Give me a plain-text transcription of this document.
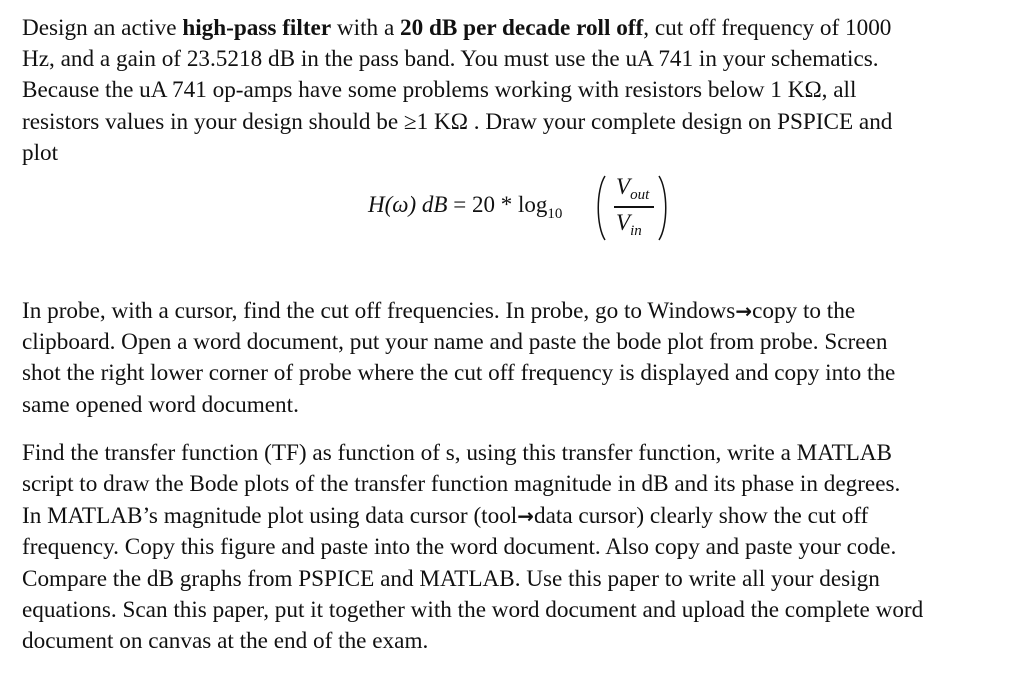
Design an active high-pass filter with a 20 dB per decade roll off, cut off frequency of 1000
Hz, and a gain of 23.5218 dB in the pass band. You must use the uA 741 in your schematics.
Because the uA 741 op-amps have some problems working with resistors below 1 KΩ, all
resistors values in your design should be ≥1 KΩ . Draw your complete design on PSPICE and
plot

H(ω) dB = $20 * \log_{10}$
$V_{out}$
$V_{in}$

In probe, with a cursor, find the cut off frequencies. In probe, go to Windows→copy to the
clipboard. Open a word document, put your name and paste the bode plot from probe. Screen
shot the right lower corner of probe where the cut off frequency is displayed and copy into the
same opened word document.

Find the transfer function (TF) as function of s, using this transfer function, write a MATLAB
script to draw the Bode plots of the transfer function magnitude in dB and its phase in degrees.
In MATLAB’s magnitude plot using data cursor (tool→data cursor) clearly show the cut off
frequency. Copy this figure and paste into the word document. Also copy and paste your code.
Compare the dB graphs from PSPICE and MATLAB. Use this paper to write all your design
equations. Scan this paper, put it together with the word document and upload the complete word
document on canvas at the end of the exam.
